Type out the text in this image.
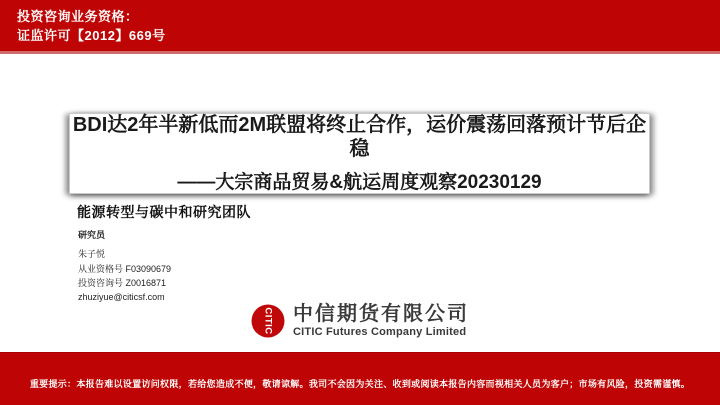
投资咨询业务资格：
证监许可【2012】669号
BDI达2年半新低而2M联盟将终止合作，运价震荡回落预计节后企稳
——大宗商品贸易&航运周度观察20230129
能源转型与碳中和研究团队
研究员
朱子悦
从业资格号 F03090679
投资咨询号 Z0016871
zhuziyue@citicsf.com
CITIC 中信期货有限公司
CITIC Futures Company Limited
重要提示：本报告难以设置访问权限，若给您造成不便，敬请谅解。我司不会因为关注、收到或阅读本报告内容而视相关人员为客户；市场有风险，投资需谨慎。
